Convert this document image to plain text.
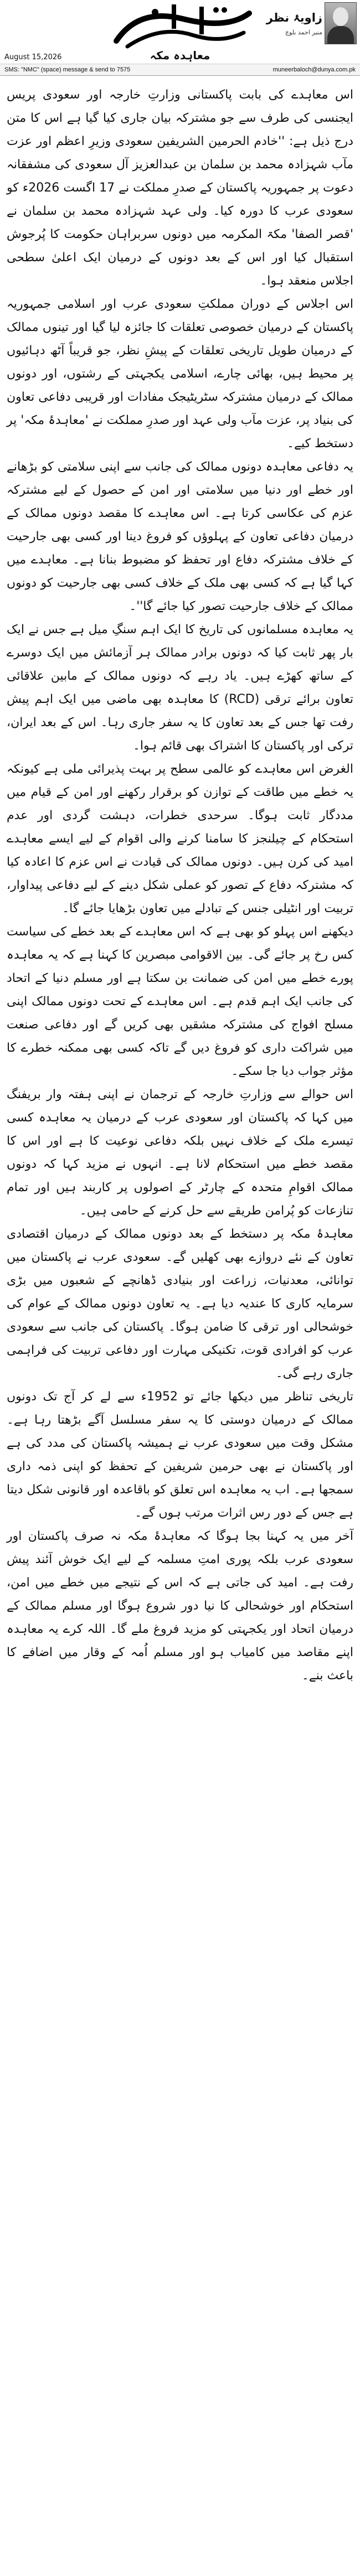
زاویۂ نظر
منیر احمد بلوچ
معاہدہ مکہ
August 15,2026
SMS: "NMC" (space) message & send to 7575	muneerbaloch@dunya.com.pk

اس معاہدے کی بابت پاکستانی وزارتِ خارجہ اور سعودی پریس ایجنسی کی طرف سے جو مشترکہ بیان جاری کیا گیا ہے اس کا متن درج ذیل ہے: ''خادم الحرمین الشریفین سعودی وزیرِ اعظم اور عزت مآب شہزادہ محمد بن سلمان بن عبدالعزیز آل سعودی کی مشفقانہ دعوت پر جمہوریہ پاکستان کے صدرِ مملکت نے 17 اگست 2026ء کو سعودی عرب کا دورہ کیا۔ ولی عہد شہزادہ محمد بن سلمان نے 'قصر الصفا' مکۃ المکرمہ میں دونوں سربراہان حکومت کا پُرجوش استقبال کیا اور اس کے بعد دونوں کے درمیان ایک اعلیٰ سطحی اجلاس منعقد ہوا۔

اس اجلاس کے دوران مملکتِ سعودی عرب اور اسلامی جمہوریہ پاکستان کے درمیان خصوصی تعلقات کا جائزہ لیا گیا اور تینوں ممالک کے درمیان طویل تاریخی تعلقات کے پیشِ نظر، جو قریباً آٹھ دہائیوں پر محیط ہیں، بھائی چارے، اسلامی یکجہتی کے رشتوں، اور دونوں ممالک کے درمیان مشترکہ سٹریٹیجک مفادات اور قریبی دفاعی تعاون کی بنیاد پر، عزت مآب ولی عہد اور صدرِ مملکت نے 'معاہدۂ مکہ' پر دستخط کیے۔

یہ دفاعی معاہدہ دونوں ممالک کی جانب سے اپنی سلامتی کو بڑھانے اور خطے اور دنیا میں سلامتی اور امن کے حصول کے لیے مشترکہ عزم کی عکاسی کرتا ہے۔ اس معاہدے کا مقصد دونوں ممالک کے درمیان دفاعی تعاون کے پہلوؤں کو فروغ دینا اور کسی بھی جارحیت کے خلاف مشترکہ دفاع اور تحفظ کو مضبوط بنانا ہے۔ معاہدے میں کہا گیا ہے کہ کسی بھی ملک کے خلاف کسی بھی جارحیت کو دونوں ممالک کے خلاف جارحیت تصور کیا جائے گا''۔

یہ معاہدہ مسلمانوں کی تاریخ کا ایک اہم سنگِ میل ہے جس نے ایک بار پھر ثابت کیا کہ دونوں برادر ممالک ہر آزمائش میں ایک دوسرے کے ساتھ کھڑے ہیں۔ یاد رہے کہ دونوں ممالک کے مابین علاقائی تعاون برائے ترقی (RCD) کا معاہدہ بھی ماضی میں ایک اہم پیش رفت تھا جس کے بعد تعاون کا یہ سفر جاری رہا۔ اس کے بعد ایران، ترکی اور پاکستان کا اشتراک بھی قائم ہوا۔

الغرض اس معاہدے کو عالمی سطح پر بہت پذیرائی ملی ہے کیونکہ یہ خطے میں طاقت کے توازن کو برقرار رکھنے اور امن کے قیام میں مددگار ثابت ہوگا۔ سرحدی خطرات، دہشت گردی اور عدم استحکام کے چیلنجز کا سامنا کرنے والی اقوام کے لیے ایسے معاہدے امید کی کرن ہیں۔ دونوں ممالک کی قیادت نے اس عزم کا اعادہ کیا کہ مشترکہ دفاع کے تصور کو عملی شکل دینے کے لیے دفاعی پیداوار، تربیت اور انٹیلی جنس کے تبادلے میں تعاون بڑھایا جائے گا۔

دیکھنے اس پہلو کو بھی ہے کہ اس معاہدے کے بعد خطے کی سیاست کس رخ پر جائے گی۔ بین الاقوامی مبصرین کا کہنا ہے کہ یہ معاہدہ پورے خطے میں امن کی ضمانت بن سکتا ہے اور مسلم دنیا کے اتحاد کی جانب ایک اہم قدم ہے۔ اس معاہدے کے تحت دونوں ممالک اپنی مسلح افواج کی مشترکہ مشقیں بھی کریں گے اور دفاعی صنعت میں شراکت داری کو فروغ دیں گے تاکہ کسی بھی ممکنہ خطرے کا مؤثر جواب دیا جا سکے۔

اس حوالے سے وزارتِ خارجہ کے ترجمان نے اپنی ہفتہ وار بریفنگ میں کہا کہ پاکستان اور سعودی عرب کے درمیان یہ معاہدہ کسی تیسرے ملک کے خلاف نہیں بلکہ دفاعی نوعیت کا ہے اور اس کا مقصد خطے میں استحکام لانا ہے۔ انہوں نے مزید کہا کہ دونوں ممالک اقوامِ متحدہ کے چارٹر کے اصولوں پر کاربند ہیں اور تمام تنازعات کو پُرامن طریقے سے حل کرنے کے حامی ہیں۔

معاہدۂ مکہ پر دستخط کے بعد دونوں ممالک کے درمیان اقتصادی تعاون کے نئے دروازے بھی کھلیں گے۔ سعودی عرب نے پاکستان میں توانائی، معدنیات، زراعت اور بنیادی ڈھانچے کے شعبوں میں بڑی سرمایہ کاری کا عندیہ دیا ہے۔ یہ تعاون دونوں ممالک کے عوام کی خوشحالی اور ترقی کا ضامن ہوگا۔ پاکستان کی جانب سے سعودی عرب کو افرادی قوت، تکنیکی مہارت اور دفاعی تربیت کی فراہمی جاری رہے گی۔

تاریخی تناظر میں دیکھا جائے تو 1952ء سے لے کر آج تک دونوں ممالک کے درمیان دوستی کا یہ سفر مسلسل آگے بڑھتا رہا ہے۔ مشکل وقت میں سعودی عرب نے ہمیشہ پاکستان کی مدد کی ہے اور پاکستان نے بھی حرمین شریفین کے تحفظ کو اپنی ذمہ داری سمجھا ہے۔ اب یہ معاہدہ اس تعلق کو باقاعدہ اور قانونی شکل دیتا ہے جس کے دور رس اثرات مرتب ہوں گے۔

آخر میں یہ کہنا بجا ہوگا کہ معاہدۂ مکہ نہ صرف پاکستان اور سعودی عرب بلکہ پوری امتِ مسلمہ کے لیے ایک خوش آئند پیش رفت ہے۔ امید کی جاتی ہے کہ اس کے نتیجے میں خطے میں امن، استحکام اور خوشحالی کا نیا دور شروع ہوگا اور مسلم ممالک کے درمیان اتحاد اور یکجہتی کو مزید فروغ ملے گا۔ اللہ کرے یہ معاہدہ اپنے مقاصد میں کامیاب ہو اور مسلم اُمہ کے وقار میں اضافے کا باعث بنے۔
